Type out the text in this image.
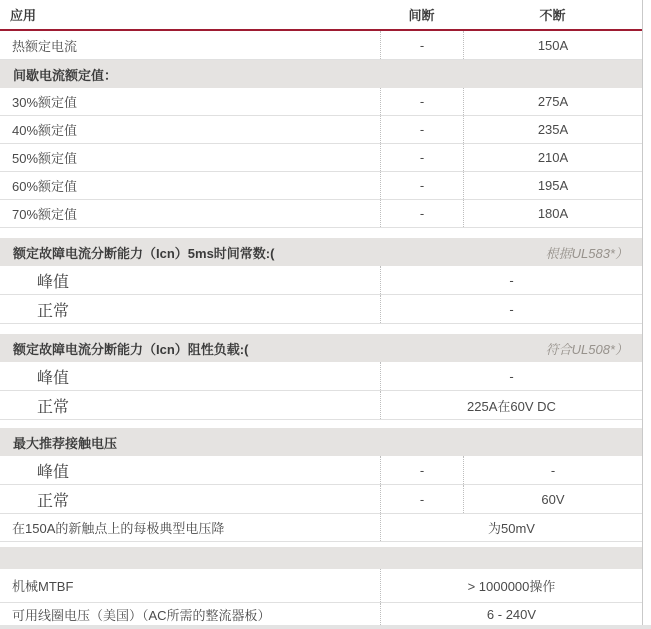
应用	间断	不断
热额定电流	-	150A
间歇电流额定值：
30%额定值	-	275A
40%额定值	-	235A
50%额定值	-	210A
60%额定值	-	195A
70%额定值	-	180A
额定故障电流分断能力（Icn）5ms时间常数:(	根据UL583*）
峰值	-
正常	-
额定故障电流分断能力（Icn）阻性负载:(	符合UL508*）
峰值	-
正常	225A在60V DC
最大推荐接触电压
峰值	-	-
正常	-	60V
在150A的新触点上的每极典型电压降	为50mV
机械MTBF	> 1000000操作
可用线圈电压（美国）（AC所需的整流器板）	6 - 240V
